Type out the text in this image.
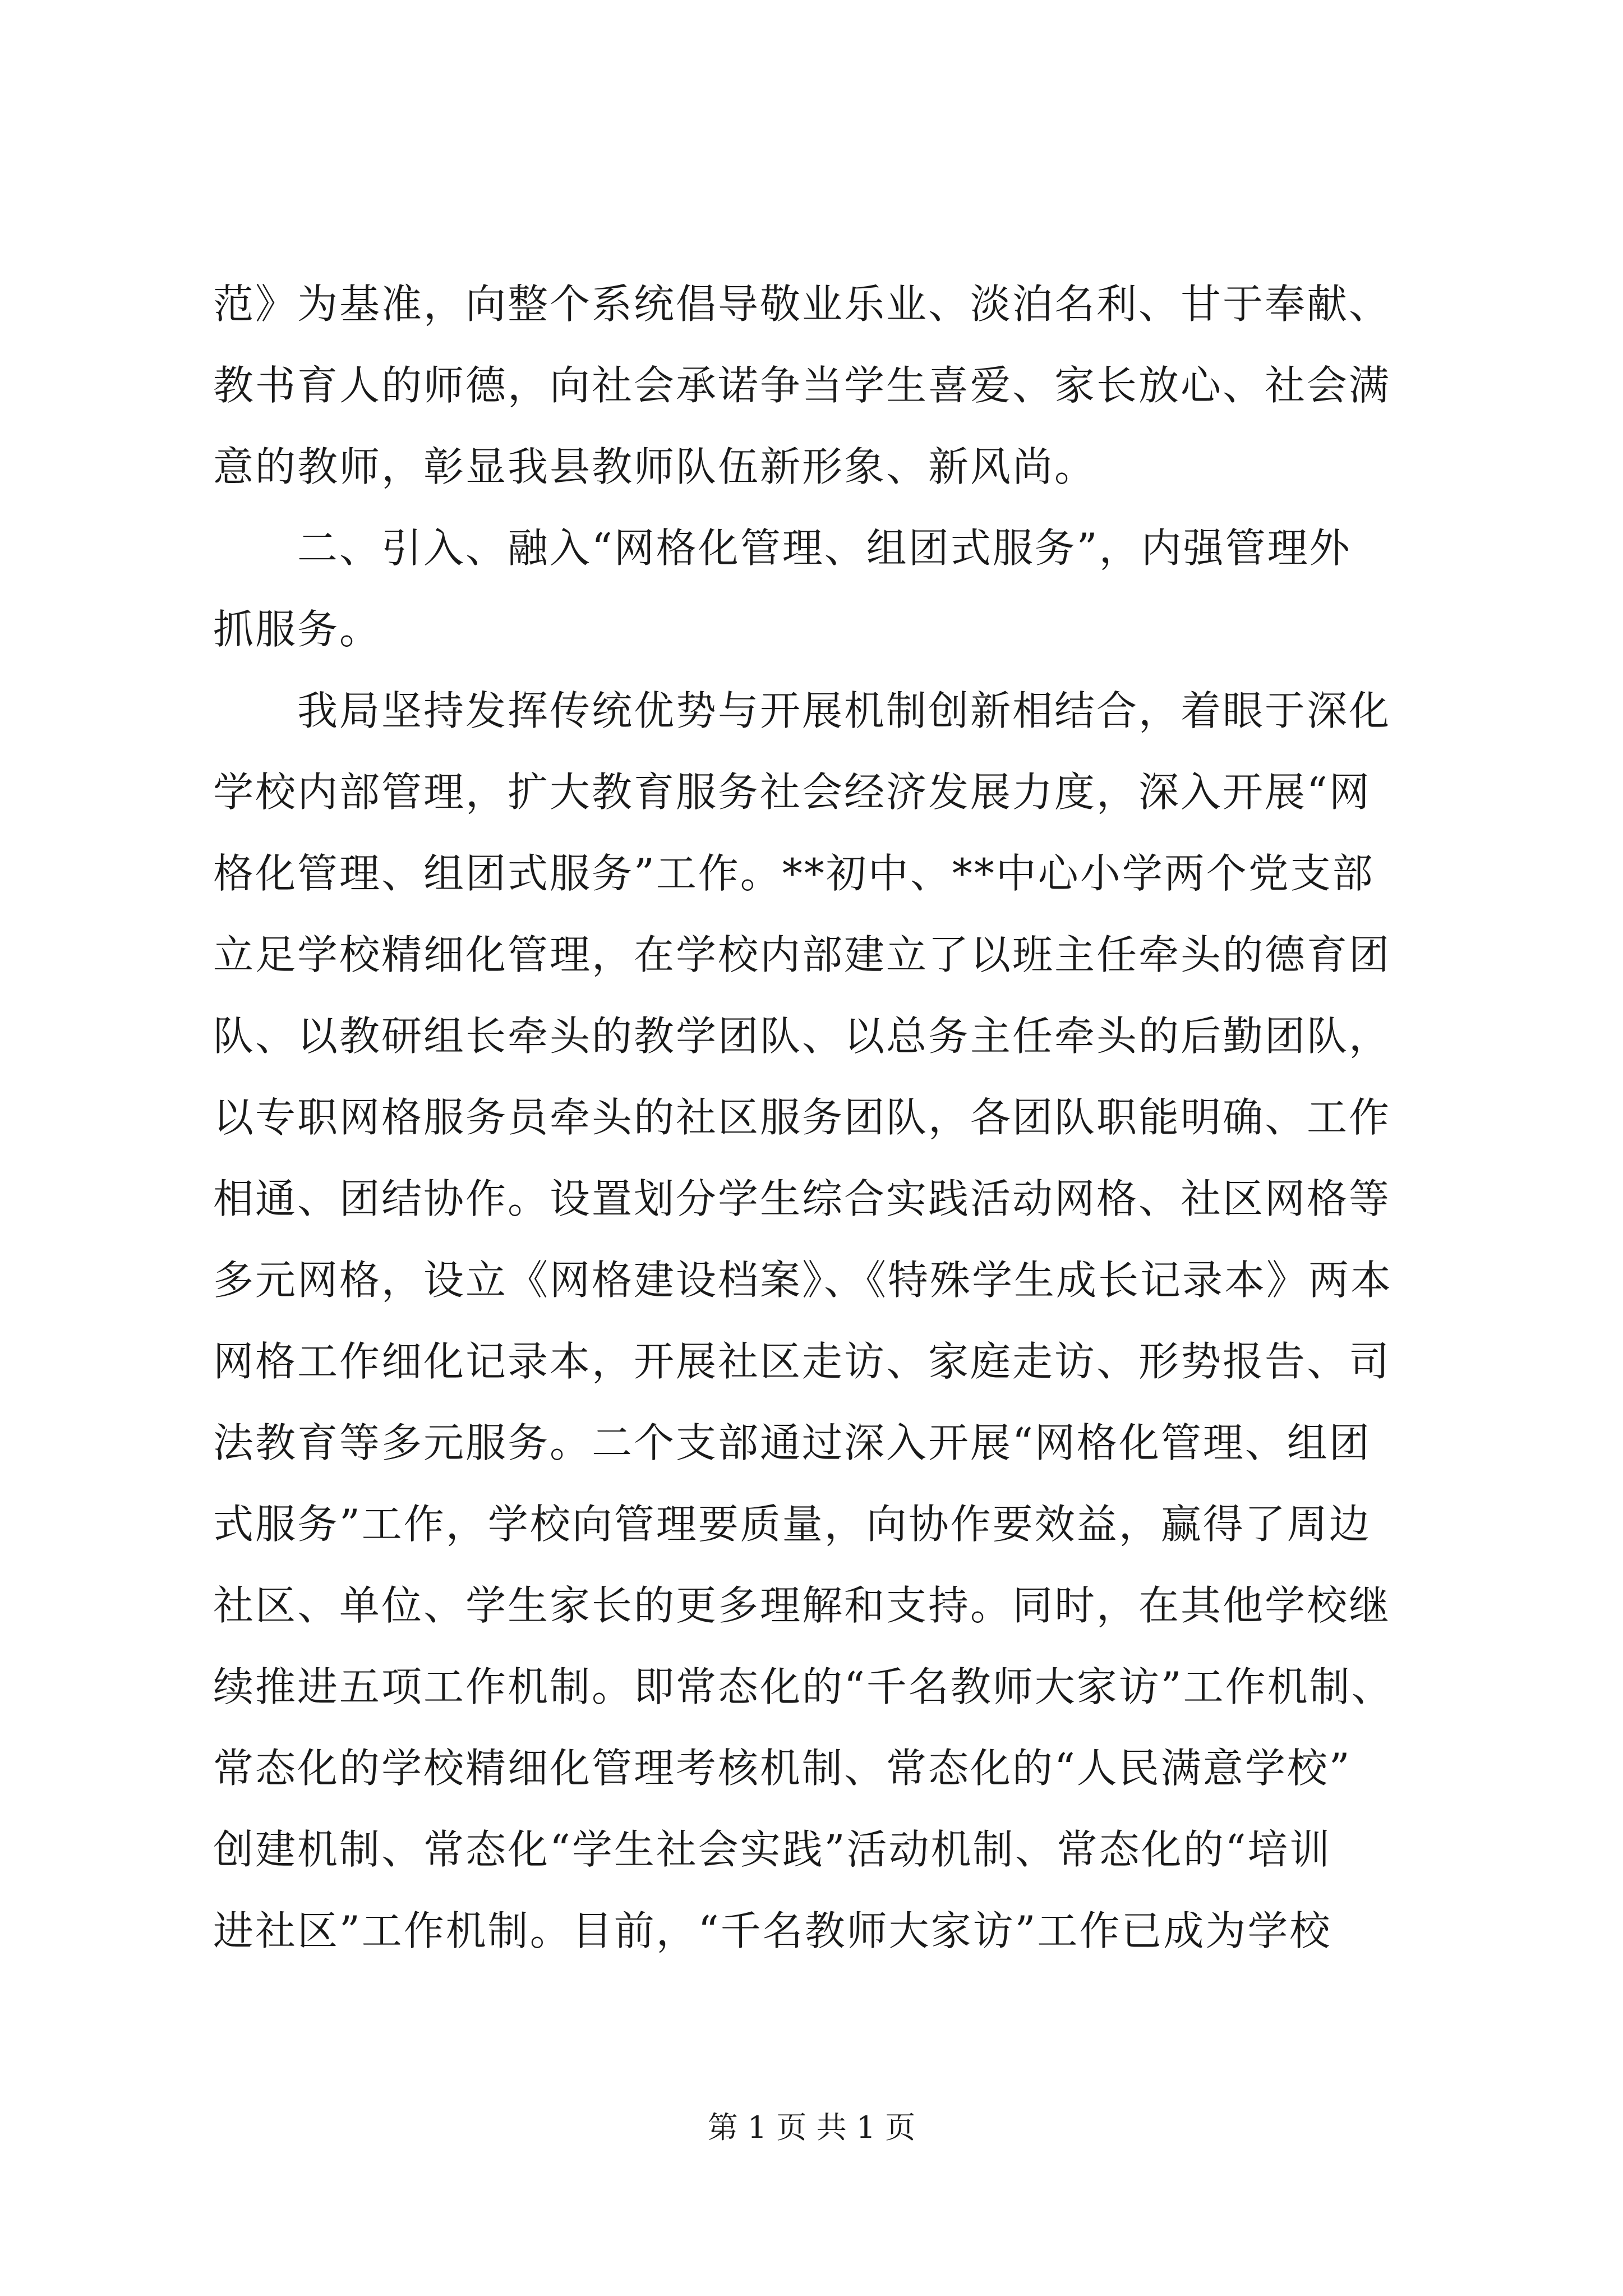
范》为基准，向整个系统倡导敬业乐业、淡泊名利、甘于奉献、
教书育人的师德，向社会承诺争当学生喜爱、家长放心、社会满
意的教师，彰显我县教师队伍新形象、新风尚。
　　二、引入、融入“网格化管理、组团式服务”，内强管理外
抓服务。
　　我局坚持发挥传统优势与开展机制创新相结合，着眼于深化
学校内部管理，扩大教育服务社会经济发展力度，深入开展“网
格化管理、组团式服务”工作。**初中、**中心小学两个党支部
立足学校精细化管理，在学校内部建立了以班主任牵头的德育团
队、以教研组长牵头的教学团队、以总务主任牵头的后勤团队，
以专职网格服务员牵头的社区服务团队，各团队职能明确、工作
相通、团结协作。设置划分学生综合实践活动网格、社区网格等
多元网格，设立《网格建设档案》、《特殊学生成长记录本》两本
网格工作细化记录本，开展社区走访、家庭走访、形势报告、司
法教育等多元服务。二个支部通过深入开展“网格化管理、组团
式服务”工作，学校向管理要质量，向协作要效益，赢得了周边
社区、单位、学生家长的更多理解和支持。同时，在其他学校继
续推进五项工作机制。即常态化的“千名教师大家访”工作机制、
常态化的学校精细化管理考核机制、常态化的“人民满意学校”
创建机制、常态化“学生社会实践”活动机制、常态化的“培训
进社区”工作机制。目前，“千名教师大家访”工作已成为学校
第 1 页 共 1 页
